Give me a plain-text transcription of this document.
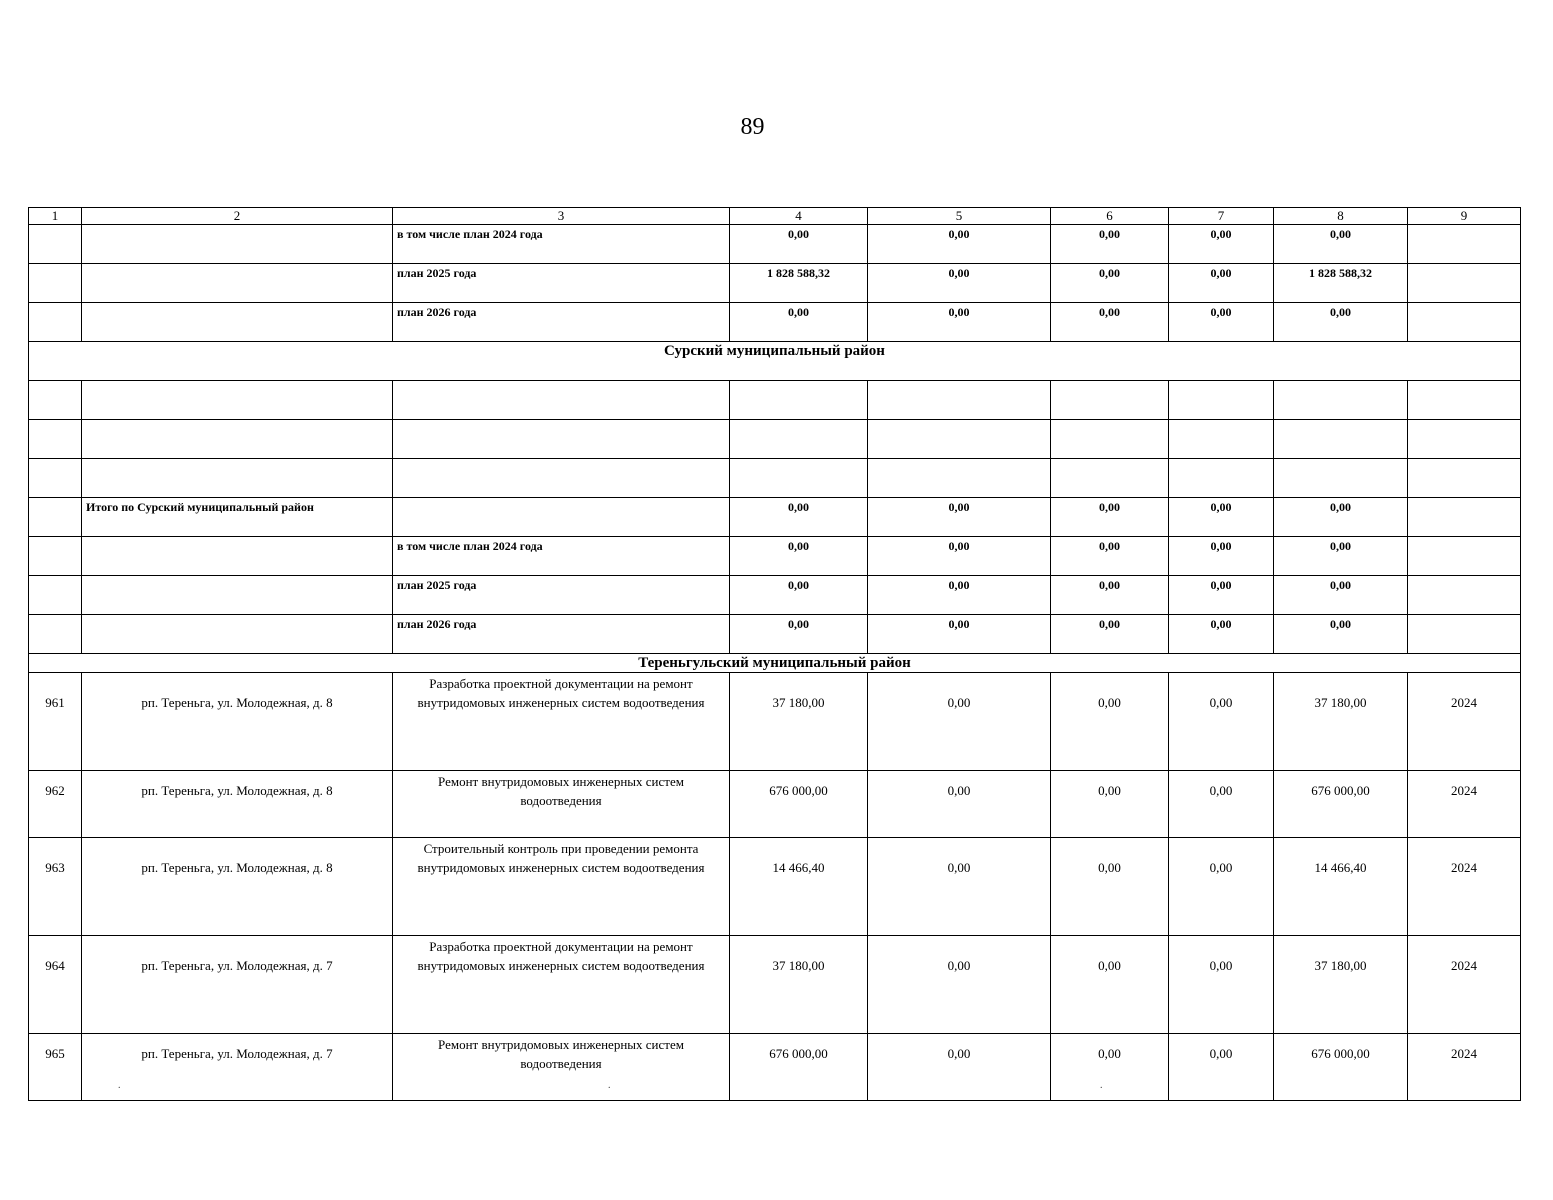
89
1	2	3	4	5	6	7	8	9
		в том числе план 2024 года	0,00	0,00	0,00	0,00	0,00	
		план 2025 года	1 828 588,32	0,00	0,00	0,00	1 828 588,32	
		план 2026 года	0,00	0,00	0,00	0,00	0,00	
Сурский муниципальный район								

	Итого по Сурский муниципальный район		0,00	0,00	0,00	0,00	0,00	
		в том числе план 2024 года	0,00	0,00	0,00	0,00	0,00	
		план 2025 года	0,00	0,00	0,00	0,00	0,00	
		план 2026 года	0,00	0,00	0,00	0,00	0,00	
Тереньгульский муниципальный район								
961	рп. Тереньга, ул. Молодежная, д. 8	Разработка проектной документации на ремонт внутридомовых инженерных систем водоотведения	37 180,00	0,00	0,00	0,00	37 180,00	2024
962	рп. Тереньга, ул. Молодежная, д. 8	Ремонт внутридомовых инженерных систем водоотведения	676 000,00	0,00	0,00	0,00	676 000,00	2024
963	рп. Тереньга, ул. Молодежная, д. 8	Строительный контроль при проведении ремонта внутридомовых инженерных систем водоотведения	14 466,40	0,00	0,00	0,00	14 466,40	2024
964	рп. Тереньга, ул. Молодежная, д. 7	Разработка проектной документации на ремонт внутридомовых инженерных систем водоотведения	37 180,00	0,00	0,00	0,00	37 180,00	2024
965	рп. Тереньга, ул. Молодежная, д. 7	Ремонт внутридомовых инженерных систем водоотведения	676 000,00	0,00	0,00	0,00	676 000,00	2024
.	.	.
